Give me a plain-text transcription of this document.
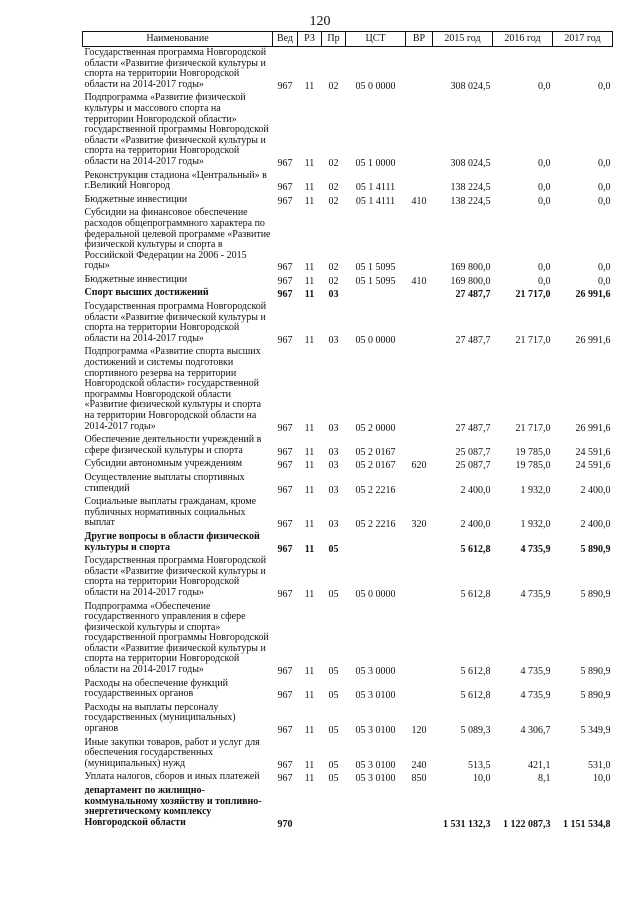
120
Наименование	Вед	РЗ	Пр	ЦСТ	ВР	2015 год	2016 год	2017 год
Государственная программа Новгородской области «Развитие физической культуры и спорта на территории Новгородской области на 2014-2017 годы»	967	11	02	05 0 0000		308 024,5	0,0	0,0
Подпрограмма «Развитие физической культуры и массового спорта на территории Новгородской области» государственной программы Новгородской области «Развитие физической культуры и спорта на территории Новгородской области на 2014-2017 годы»	967	11	02	05 1 0000		308 024,5	0,0	0,0
Реконструкция стадиона «Центральный» в г.Великий Новгород	967	11	02	05 1 4111		138 224,5	0,0	0,0
Бюджетные инвестиции	967	11	02	05 1 4111	410	138 224,5	0,0	0,0
Субсидии на финансовое обеспечение расходов общепрограммного характера по федеральной целевой программе «Развитие физической культуры и спорта в Российской Федерации на 2006 - 2015 годы»	967	11	02	05 1 5095		169 800,0	0,0	0,0
Бюджетные инвестиции	967	11	02	05 1 5095	410	169 800,0	0,0	0,0
Спорт высших достижений	967	11	03			27 487,7	21 717,0	26 991,6
Государственная программа Новгородской области «Развитие физической культуры и спорта на территории Новгородской области на 2014-2017 годы»	967	11	03	05 0 0000		27 487,7	21 717,0	26 991,6
Подпрограмма «Развитие спорта высших достижений и системы подготовки спортивного резерва на территории Новгородской области» государственной программы Новгородской области «Развитие физической культуры и спорта на территории Новгородской области на 2014-2017 годы»	967	11	03	05 2 0000		27 487,7	21 717,0	26 991,6
Обеспечение деятельности учреждений в сфере физической культуры и спорта	967	11	03	05 2 0167		25 087,7	19 785,0	24 591,6
Субсидии автономным учреждениям	967	11	03	05 2 0167	620	25 087,7	19 785,0	24 591,6
Осуществление выплаты спортивных стипендий	967	11	03	05 2 2216		2 400,0	1 932,0	2 400,0
Социальные выплаты гражданам, кроме публичных нормативных социальных выплат	967	11	03	05 2 2216	320	2 400,0	1 932,0	2 400,0
Другие вопросы в области физической культуры и спорта	967	11	05			5 612,8	4 735,9	5 890,9
Государственная программа Новгородской области «Развитие физической культуры и спорта на территории Новгородской области на 2014-2017 годы»	967	11	05	05 0 0000		5 612,8	4 735,9	5 890,9
Подпрограмма «Обеспечение государственного управления в сфере физической культуры и спорта» государственной программы Новгородской области «Развитие физической культуры и спорта на территории Новгородской области на 2014-2017 годы»	967	11	05	05 3 0000		5 612,8	4 735,9	5 890,9
Расходы на обеспечение функций государственных органов	967	11	05	05 3 0100		5 612,8	4 735,9	5 890,9
Расходы на выплаты персоналу государственных (муниципальных) органов	967	11	05	05 3 0100	120	5 089,3	4 306,7	5 349,9
Иные закупки товаров, работ и услуг для обеспечения государственных (муниципальных) нужд	967	11	05	05 3 0100	240	513,5	421,1	531,0
Уплата налогов, сборов и иных платежей	967	11	05	05 3 0100	850	10,0	8,1	10,0
департамент по жилищно-коммунальному хозяйству и топливно-энергетическому комплексу Новгородской области	970					1 531 132,3	1 122 087,3	1 151 534,8
